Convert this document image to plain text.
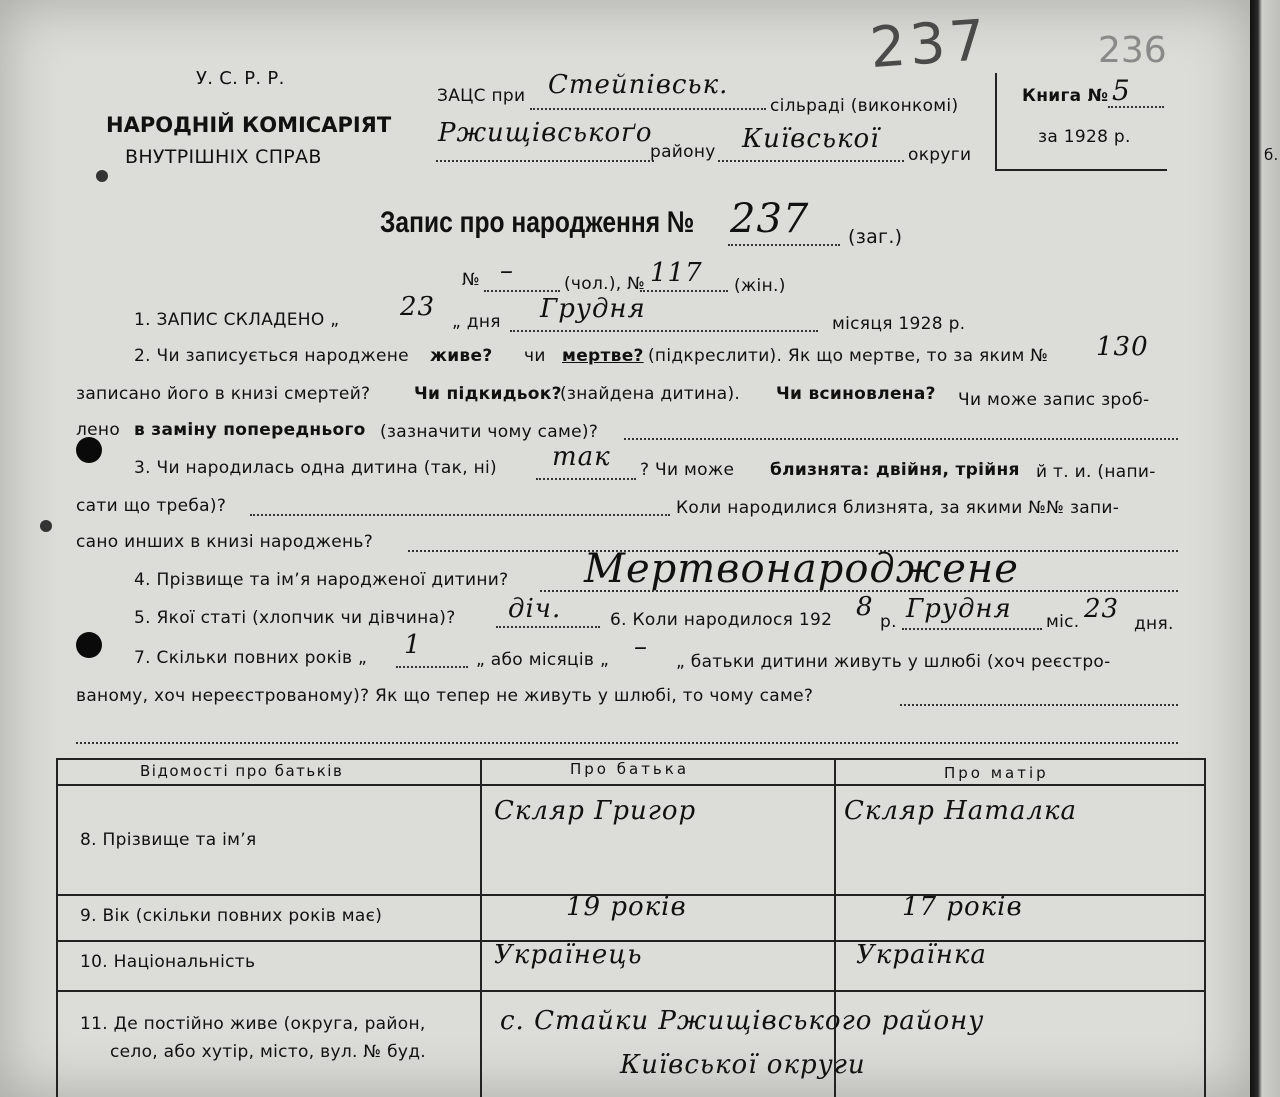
б.
У. С. Р. Р.
НАРОДНІЙ КОМІСАРІЯТ
ВНУТРІШНІХ СПРАВ
ЗАЦС при Стейпівськ.
сільраді (виконкомі)
237	236
Ржищівськоґо
району Київської
округи
Книга № 5
за 1928 р.
Запис про народження № 237 (заг.)
№ –	(чол.), № 117 (жін.)
1. ЗАПИС СКЛАДЕНО „ 23 „ дня Грудня	місяця 1928 р.
2. Чи записується народжене живе? чи мертве? (підкреслити). Як що мертве, то за яким № 130
записано його в книзі смертей?	Чи підкидьок?
(знайдена дитина). Чи всиновлена? Чи може запис зроб-
лено в заміну попереднього (зазначити чому саме)?
3. Чи народилась одна дитина (так, ні) так ? Чи може близнята: двійня, трійня й т. и. (напи-
сати що треба)?	Коли народилися близнята, за якими №№ запи-
сано инших в книзі народжень?
4. Прізвище та імʼя народженої дитини? Мертвонароджене
5. Якої статі (хлопчик чи дівчина)? діч.	6. Коли народилося 192 8 р. Грудня міс. 23 дня.
7. Скільки повних років „ 1	„ або місяців „ – „ батьки дитини живуть у шлюбі (хоч реєстро-
ваному, хоч нереєстрованому)? Як що тепер не живуть у шлюбі, то чому саме?
Відомості про батьків	Про батька	Про матір
8. Прізвище та імʼя
Скляр Григор	Скляр Наталка
9. Вік (скільки повних років має)	19 років	17 років
10. Національність	Українець	Українка
11. Де постійно живе (округа, район,
село, або хутір, місто, вул. № буд.
с. Стайки Ржищівського району
Київської округи
